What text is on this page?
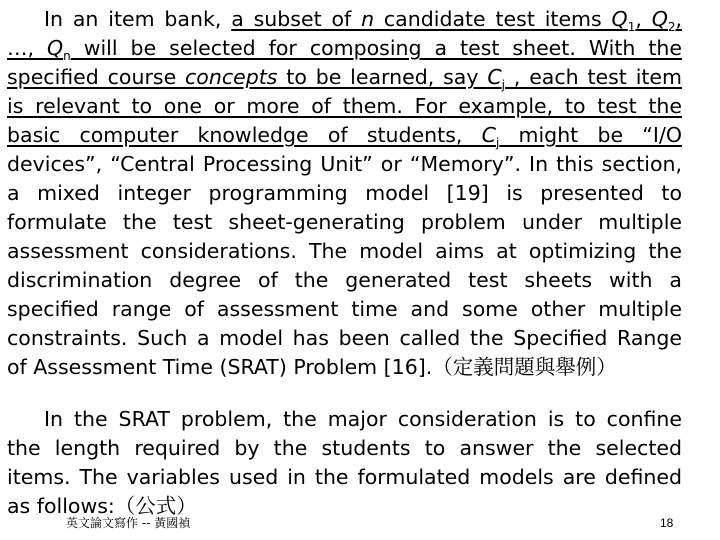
In an item bank, a subset of n candidate test items $Q_1$, $Q_2$,
…, $Q_n$ will be selected for composing a test sheet. With the
specified course concepts to be learned, say $C_j$ , each test item
is relevant to one or more of them. For example, to test the
basic computer knowledge of students, $C_j$ might be “I/O
devices”, “Central Processing Unit” or “Memory”. In this section,
a mixed integer programming model [19] is presented to
formulate the test sheet-generating problem under multiple
assessment considerations. The model aims at optimizing the
discrimination degree of the generated test sheets with a
specified range of assessment time and some other multiple
constraints. Such a model has been called the Specified Range
of Assessment Time (SRAT) Problem [16].（定義問題與舉例）
In the SRAT problem, the major consideration is to confine
the length required by the students to answer the selected
items. The variables used in the formulated models are defined
as follows:（公式）
英文論文寫作 -- 黃國禎	18
